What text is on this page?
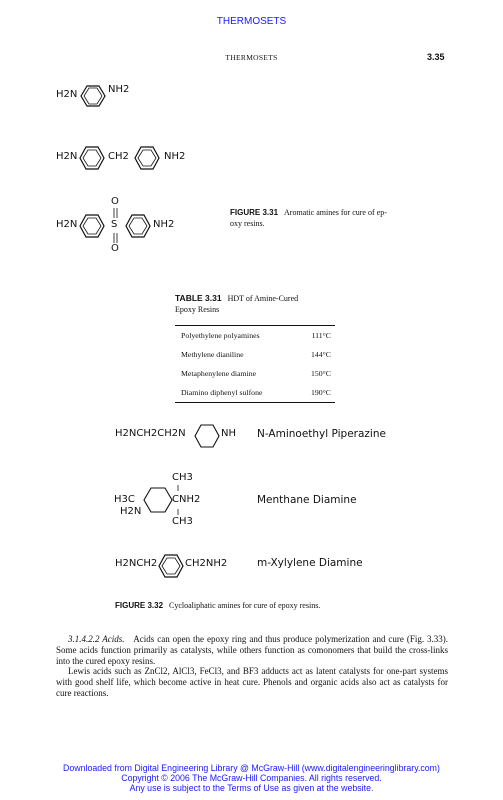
THERMOSETS
THERMOSETS	3.35
H2N	NH2
H2N	CH2	NH2
O
H2N	S	NH2
O
FIGURE 3.31 Aromatic amines for cure of ep-
oxy resins.
TABLE 3.31 HDT of Amine-Cured
Epoxy Resins
Polyethylene polyamines	111°C
Methylene dianiline	144°C
Metaphenylene diamine	150°C
Diamino diphenyl sulfone	190°C
H2NCH2CH2N	NH N-Aminoethyl Piperazine
CH3
H3C	CNH2
H2N
CH3
Menthane Diamine
H2NCH2	CH2NH2	m-Xylylene Diamine
FIGURE 3.32 Cycloaliphatic amines for cure of epoxy resins.

3.1.4.2.2 Acids. Acids can open the epoxy ring and thus produce polymerization and cure (Fig. 3.33). Some acids function primarily as catalysts, while others function as comonomers that build the cross-links into the cured epoxy resins.

Lewis acids such as ZnCl2, AlCl3, FeCl3, and BF3 adducts act as latent catalysts for one-part systems with good shelf life, which become active in heat cure. Phenols and organic acids also act as catalysts for cure reactions.

Downloaded from Digital Engineering Library @ McGraw-Hill (www.digitalengineeringlibrary.com)
Copyright © 2006 The McGraw-Hill Companies. All rights reserved.
Any use is subject to the Terms of Use as given at the website.
